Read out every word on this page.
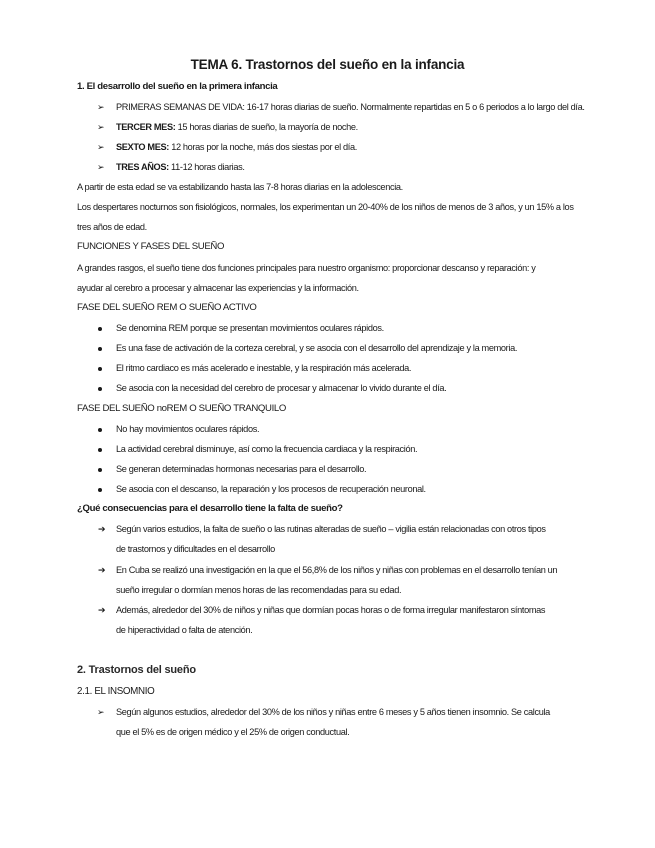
TEMA 6. Trastornos del sueño en la infancia
1. El desarrollo del sueño en la primera infancia
➢ PRIMERAS SEMANAS DE VIDA: 16-17 horas diarias de sueño. Normalmente repartidas en 5 o 6 periodos a lo largo del día.
➢ TERCER MES: 15 horas diarias de sueño, la mayoría de noche.
➢ SEXTO MES: 12 horas por la noche, más dos siestas por el día.
➢ TRES AÑOS: 11-12 horas diarias.
A partir de esta edad se va estabilizando hasta las 7-8 horas diarias en la adolescencia.
Los despertares nocturnos son fisiológicos, normales, los experimentan un 20-40% de los niños de menos de 3 años, y un 15% a los
tres años de edad.
FUNCIONES Y FASES DEL SUEÑO
A grandes rasgos, el sueño tiene dos funciones principales para nuestro organismo: proporcionar descanso y reparación: y
ayudar al cerebro a procesar y almacenar las experiencias y la información.
FASE DEL SUEÑO REM O SUEÑO ACTIVO
Se denomina REM porque se presentan movimientos oculares rápidos.
Es una fase de activación de la corteza cerebral, y se asocia con el desarrollo del aprendizaje y la memoria.
El ritmo cardiaco es más acelerado e inestable, y la respiración más acelerada.
Se asocia con la necesidad del cerebro de procesar y almacenar lo vivido durante el día.
FASE DEL SUEÑO noREM O SUEÑO TRANQUILO
No hay movimientos oculares rápidos.
La actividad cerebral disminuye, así como la frecuencia cardiaca y la respiración.
Se generan determinadas hormonas necesarias para el desarrollo.
Se asocia con el descanso, la reparación y los procesos de recuperación neuronal.
¿Qué consecuencias para el desarrollo tiene la falta de sueño?
➔ Según varios estudios, la falta de sueño o las rutinas alteradas de sueño – vigilia están relacionadas con otros tipos
de trastornos y dificultades en el desarrollo
➔ En Cuba se realizó una investigación en la que el 56,8% de los niños y niñas con problemas en el desarrollo tenían un
sueño irregular o dormían menos horas de las recomendadas para su edad.
➔ Además, alrededor del 30% de niños y niñas que dormían pocas horas o de forma irregular manifestaron síntomas
de hiperactividad o falta de atención.
2. Trastornos del sueño
2.1. EL INSOMNIO
➢ Según algunos estudios, alrededor del 30% de los niños y niñas entre 6 meses y 5 años tienen insomnio. Se calcula
que el 5% es de origen médico y el 25% de origen conductual.
